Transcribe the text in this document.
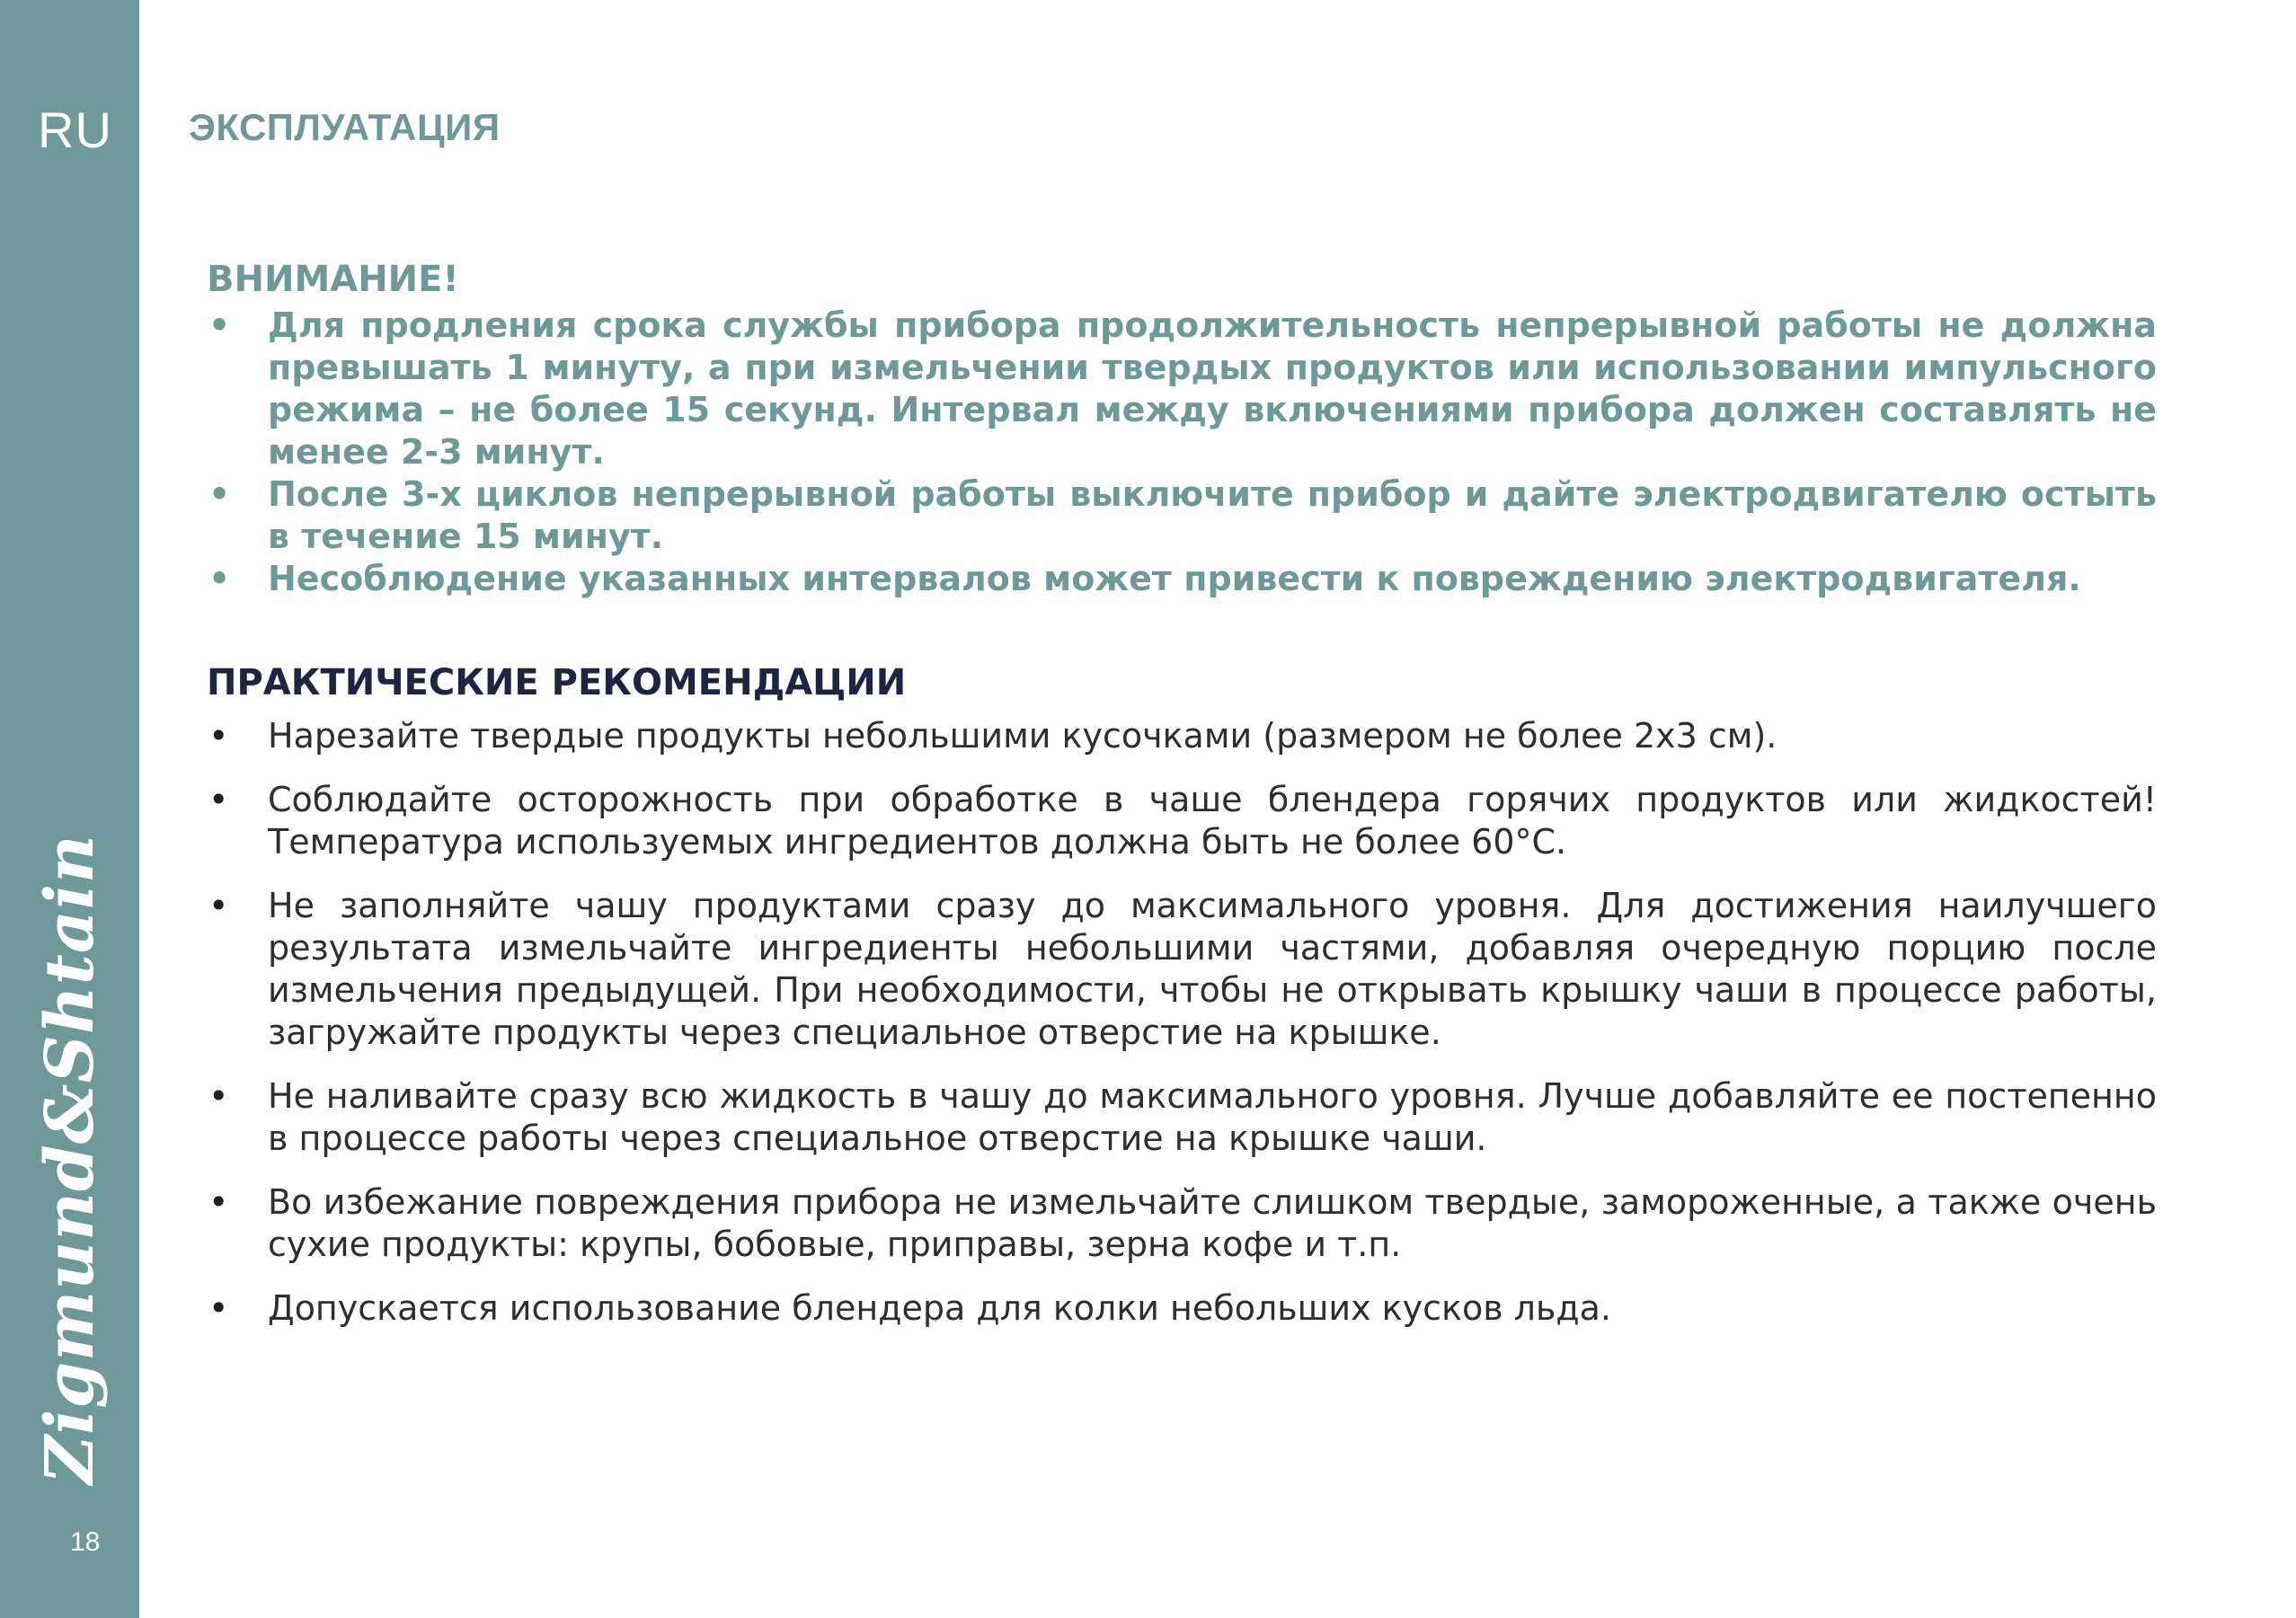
RU
Zigmund&Shtain
18
ЭКСПЛУАТАЦИЯ
ВНИМАНИЕ!
• Для продления срока службы прибора продолжительность непрерывной работы не должна превышать 1 минуту, а при измельчении твердых продуктов или использовании импульсного режима – не более 15 секунд. Интервал между включениями прибора должен составлять не менее 2-3 минут.
• После 3-х циклов непрерывной работы выключите прибор и дайте электродвигателю остыть в течение 15 минут.
• Несоблюдение указанных интервалов может привести к повреждению электродвигателя.
ПРАКТИЧЕСКИЕ РЕКОМЕНДАЦИИ
• Нарезайте твердые продукты небольшими кусочками (размером не более 2х3 см).
• Соблюдайте осторожность при обработке в чаше блендера горячих продуктов или жидкостей! Температура используемых ингредиентов должна быть не более 60°С.
• Не заполняйте чашу продуктами сразу до максимального уровня. Для достижения наилучшего результата измельчайте ингредиенты небольшими частями, добавляя очередную порцию после измельчения предыдущей. При необходимости, чтобы не открывать крышку чаши в процессе работы, загружайте продукты через специальное отверстие на крышке.
• Не наливайте сразу всю жидкость в чашу до максимального уровня. Лучше добавляйте ее постепенно в процессе работы через специальное отверстие на крышке чаши.
• Во избежание повреждения прибора не измельчайте слишком твердые, замороженные, а также очень сухие продукты: крупы, бобовые, приправы, зерна кофе и т.п.
• Допускается использование блендера для колки небольших кусков льда.
